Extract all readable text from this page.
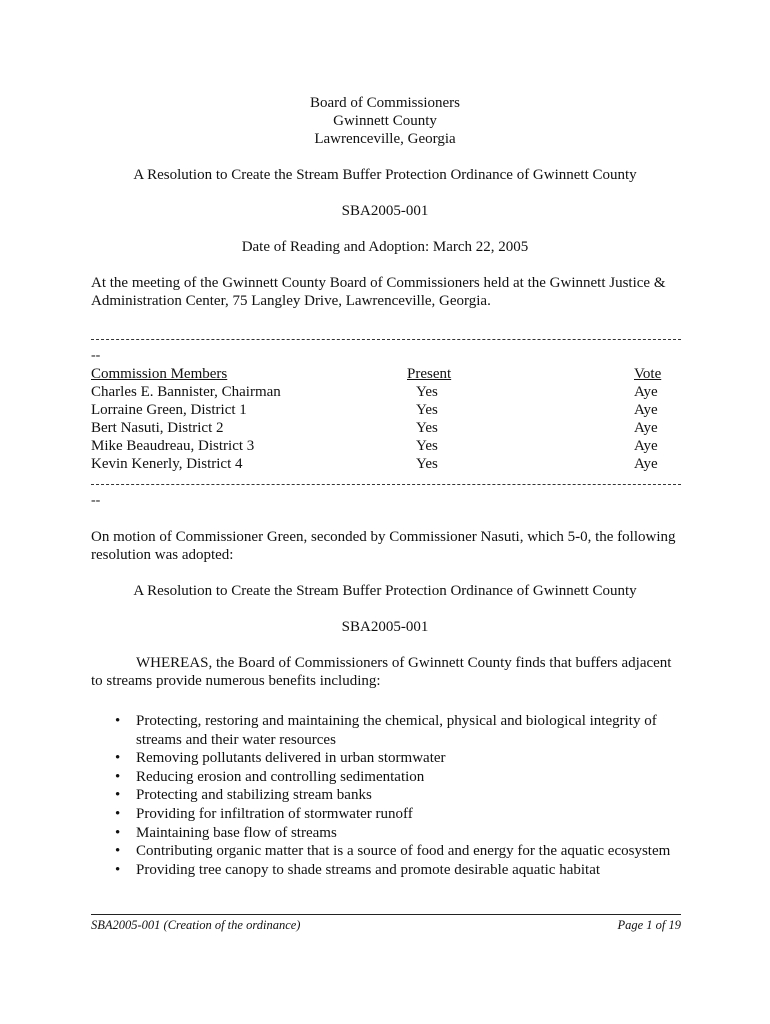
Board of Commissioners
Gwinnett County
Lawrenceville, Georgia
A Resolution to Create the Stream Buffer Protection Ordinance of Gwinnett County
SBA2005-001
Date of Reading and Adoption: March 22, 2005
At the meeting of the Gwinnett County Board of Commissioners held at the Gwinnett Justice & Administration Center, 75 Langley Drive, Lawrenceville, Georgia.
--
Commission Members	Present	Vote
Charles E. Bannister, Chairman	Yes	Aye
Lorraine Green, District 1	Yes	Aye
Bert Nasuti, District 2	Yes	Aye
Mike Beaudreau, District 3	Yes	Aye
Kevin Kenerly, District 4	Yes	Aye
--
On motion of Commissioner Green, seconded by Commissioner Nasuti, which 5-0, the following resolution was adopted:
A Resolution to Create the Stream Buffer Protection Ordinance of Gwinnett County
SBA2005-001
WHEREAS, the Board of Commissioners of Gwinnett County finds that buffers adjacent to streams provide numerous benefits including:
• Protecting, restoring and maintaining the chemical, physical and biological integrity of streams and their water resources
• Removing pollutants delivered in urban stormwater
• Reducing erosion and controlling sedimentation
• Protecting and stabilizing stream banks
• Providing for infiltration of stormwater runoff
• Maintaining base flow of streams
• Contributing organic matter that is a source of food and energy for the aquatic ecosystem
• Providing tree canopy to shade streams and promote desirable aquatic habitat
SBA2005-001 (Creation of the ordinance)	Page 1 of 19
